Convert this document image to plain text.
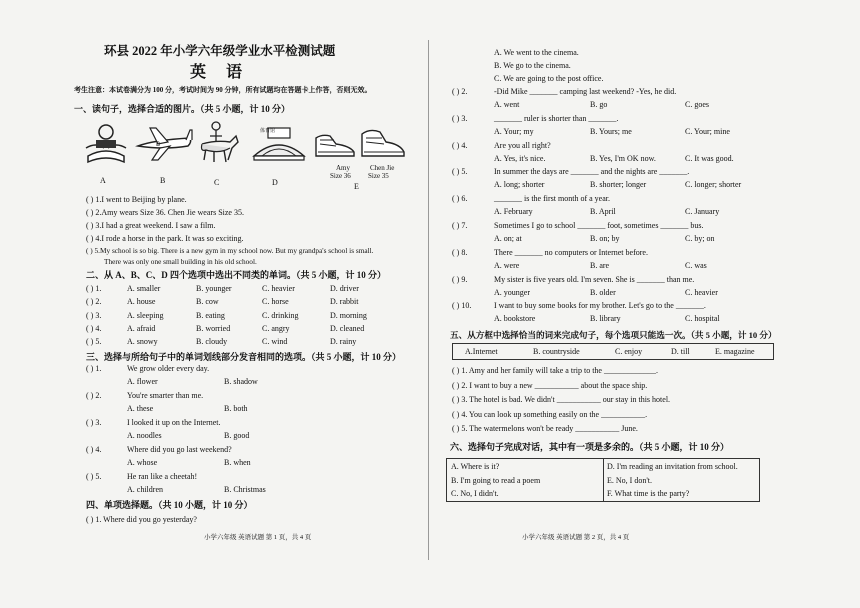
环县 2022 年小学六年级学业水平检测试题
英 语
考生注意：本试卷满分为 100 分，考试时间为 90 分钟，所有试题均在答题卡上作答，否则无效。
一、读句子，选择合适的图片。（共 5 小题，计 10 分）
B
体育馆
A	B	C	D
Amy
Size 36
Chen Jie
Size 35
E
( ) 1.I went to Beijing by plane.
( ) 2.Amy wears Size 36. Chen Jie wears Size 35.
( ) 3.I had a great weekend. I saw a film.
( ) 4.I rode a horse in the park. It was so exciting.
( ) 5.My school is so big. There is a new gym in my school now. But my grandpa's school is small.
There was only one small building in his old school.
二、从 A、B、C、D 四个选项中选出不同类的单词。（共 5 小题，计 10 分）
( ) 1.	A. smaller	B. younger	C. heavier	D. driver
( ) 2.	A. house	B. cow	C. horse	D. rabbit
( ) 3.	A. sleeping	B. eating	C. drinking	D. morning
( ) 4.	A. afraid	B. worried	C. angry	D. cleaned
( ) 5.	A. snowy	B. cloudy	C. wind	D. rainy
三、选择与所给句子中的单词划线部分发音相同的选项。（共 5 小题，计 10 分）
( ) 1.	We grow older every day.
A. flower	B. shadow
( ) 2.	You're smarter than me.
A. these	B. both
( ) 3.	I looked it up on the Internet.
A. noodles	B. good
( ) 4.	Where did you go last weekend?
A. whose	B. when
( ) 5.	He ran like a cheetah!
A. children	B. Christmas
四、单项选择题。（共 10 小题，计 10 分）
( ) 1. Where did you go yesterday?
小学六年级 英语试题 第 1 页，共 4 页
A. We went to the cinema.
B. We go to the cinema.
C. We are going to the post office.
( ) 2.	-Did Mike _______ camping last weekend? -Yes, he did.
A. went	B. go	C. goes
( ) 3.	_______ ruler is shorter than _______.
A. Your; my	B. Yours; me	C. Your; mine
( ) 4.	Are you all right?
A. Yes, it's nice.	B. Yes, I'm OK now.	C. It was good.
( ) 5.	In summer the days are _______ and the nights are _______.
A. long; shorter	B. shorter; longer	C. longer; shorter
( ) 6.	_______ is the first month of a year.
A. February	B. April	C. January
( ) 7.	Sometimes I go to school _______ foot, sometimes _______ bus.
A. on; at	B. on; by	C. by; on
( ) 8.	There _______ no computers or Internet before.
A. were	B. are	C. was
( ) 9.	My sister is five years old. I'm seven. She is _______ than me.
A. younger	B. older	C. heavier
( ) 10.	I want to buy some books for my brother. Let's go to the _______.
A. bookstore	B. library	C. hospital
五、从方框中选择恰当的词来完成句子，每个选项只能选一次。（共 5 小题，计 10 分）
A.Internet	B. countryside	C. enjoy	D. till	E. magazine
( ) 1. Amy and her family will take a trip to the _____________.
( ) 2. I want to buy a new ___________ about the space ship.
( ) 3. The hotel is bad. We didn't ___________ our stay in this hotel.
( ) 4. You can look up something easily on the ___________.
( ) 5. The watermelons won't be ready ___________ June.
六、选择句子完成对话，其中有一项是多余的。（共 5 小题，计 10 分）
A. Where is it?
B. I'm going to read a poem
C. No, I didn't.
D. I'm reading an invitation from school.
E. No, I don't.
F. What time is the party?
小学六年级 英语试题 第 2 页，共 4 页
